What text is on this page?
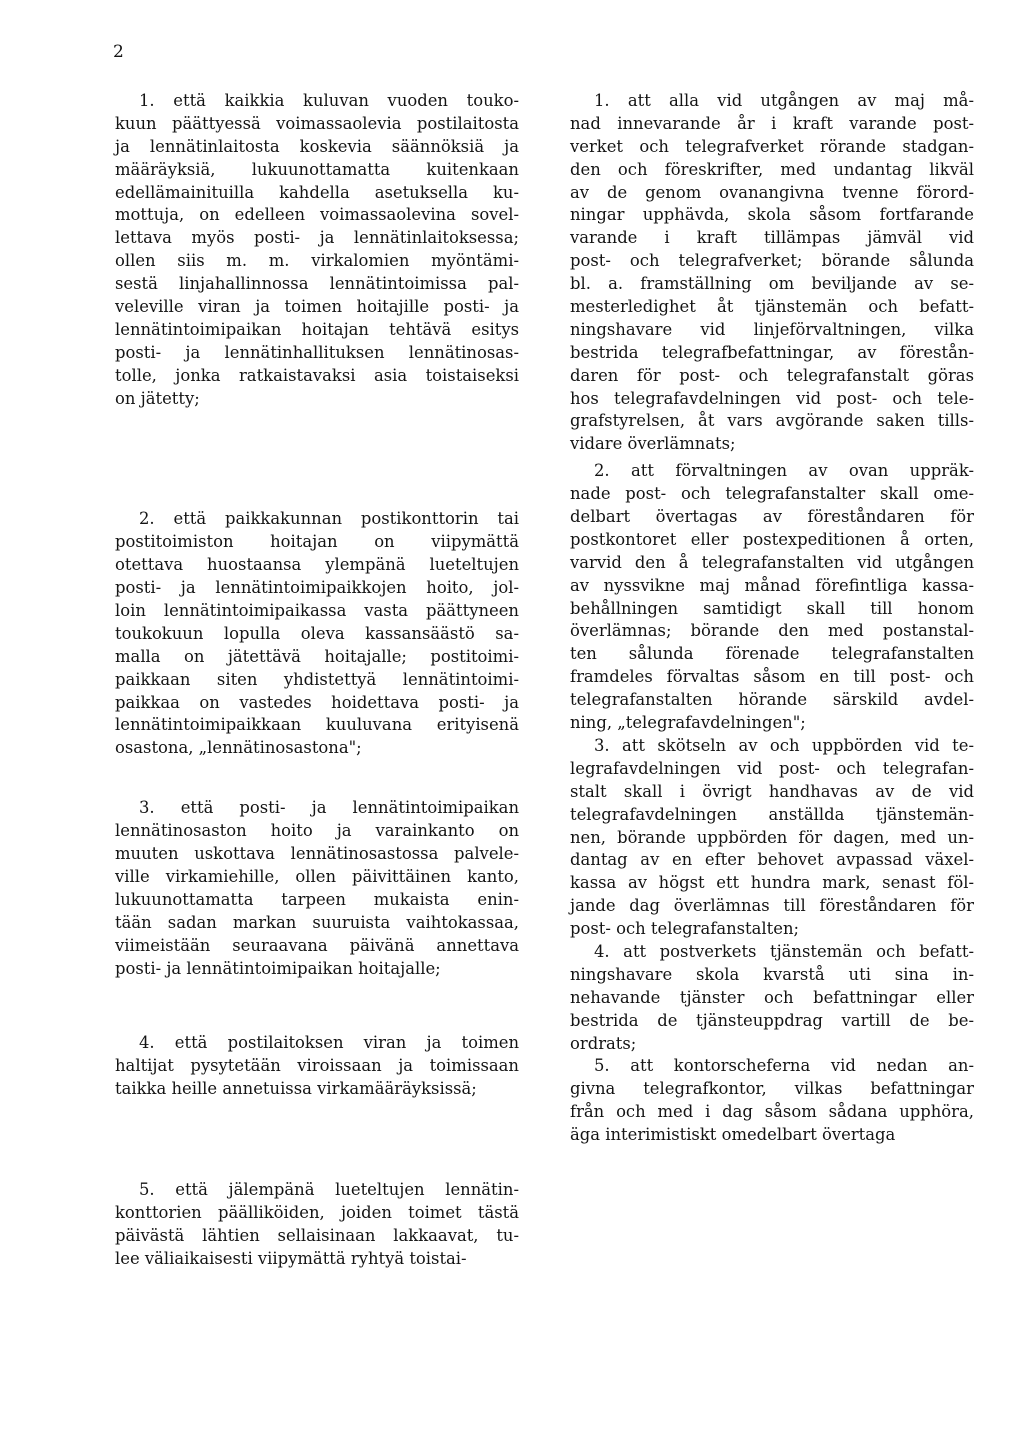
2
1. että kaikkia kuluvan vuoden touko-
kuun päättyessä voimassaolevia postilaitosta
ja lennätinlaitosta koskevia säännöksiä ja
määräyksiä, lukuunottamatta kuitenkaan
edellämainituilla kahdella asetuksella ku-
mottuja, on edelleen voimassaolevina sovel-
lettava myös posti- ja lennätinlaitoksessa;
ollen siis m. m. virkalomien myöntämi-
sestä linjahallinnossa lennätintoimissa pal-
veleville viran ja toimen hoitajille posti- ja
lennätintoimipaikan hoitajan tehtävä esitys
posti- ja lennätinhallituksen lennätinosas-
tolle, jonka ratkaistavaksi asia toistaiseksi
on jätetty;
2. että paikkakunnan postikonttorin tai
postitoimiston hoitajan on viipymättä
otettava huostaansa ylempänä lueteltujen
posti- ja lennätintoimipaikkojen hoito, jol-
loin lennätintoimipaikassa vasta päättyneen
toukokuun lopulla oleva kassansäästö sa-
malla on jätettävä hoitajalle; postitoimi-
paikkaan siten yhdistettyä lennätintoimi-
paikkaa on vastedes hoidettava posti- ja
lennätintoimipaikkaan kuuluvana erityisenä
osastona, „lennätinosastona";
3. että posti- ja lennätintoimipaikan
lennätinosaston hoito ja varainkanto on
muuten uskottava lennätinosastossa palvele-
ville virkamiehille, ollen päivittäinen kanto,
lukuunottamatta tarpeen mukaista enin-
tään sadan markan suuruista vaihtokassaa,
viimeistään seuraavana päivänä annettava
posti- ja lennätintoimipaikan hoitajalle;
4. että postilaitoksen viran ja toimen
haltijat pysytetään viroissaan ja toimissaan
taikka heille annetuissa virkamääräyksissä;
5. että jälempänä lueteltujen lennätin-
konttorien päälliköiden, joiden toimet tästä
päivästä lähtien sellaisinaan lakkaavat, tu-
lee väliaikaisesti viipymättä ryhtyä toistai-
1. att alla vid utgången av maj må-
nad innevarande år i kraft varande post-
verket och telegrafverket rörande stadgan-
den och föreskrifter, med undantag likväl
av de genom ovanangivna tvenne förord-
ningar upphävda, skola såsom fortfarande
varande i kraft tillämpas jämväl vid
post- och telegrafverket; börande sålunda
bl. a. framställning om beviljande av se-
mesterledighet åt tjänstemän och befatt-
ningshavare vid linjeförvaltningen, vilka
bestrida telegrafbefattningar, av förestån-
daren för post- och telegrafanstalt göras
hos telegrafavdelningen vid post- och tele-
grafstyrelsen, åt vars avgörande saken tills-
vidare överlämnats;
2. att förvaltningen av ovan uppräk-
nade post- och telegrafanstalter skall ome-
delbart övertagas av föreståndaren för
postkontoret eller postexpeditionen å orten,
varvid den å telegrafanstalten vid utgången
av nyssvikne maj månad förefintliga kassa-
behållningen samtidigt skall till honom
överlämnas; börande den med postanstal-
ten sålunda förenade telegrafanstalten
framdeles förvaltas såsom en till post- och
telegrafanstalten hörande särskild avdel-
ning, „telegrafavdelningen";
3. att skötseln av och uppbörden vid te-
legrafavdelningen vid post- och telegrafan-
stalt skall i övrigt handhavas av de vid
telegrafavdelningen anställda tjänstemän-
nen, börande uppbörden för dagen, med un-
dantag av en efter behovet avpassad växel-
kassa av högst ett hundra mark, senast föl-
jande dag överlämnas till föreståndaren för
post- och telegrafanstalten;
4. att postverkets tjänstemän och befatt-
ningshavare skola kvarstå uti sina in-
nehavande tjänster och befattningar eller
bestrida de tjänsteuppdrag vartill de be-
ordrats;
5. att kontorscheferna vid nedan an-
givna telegrafkontor, vilkas befattningar
från och med i dag såsom sådana upphöra,
äga interimistiskt omedelbart övertaga
